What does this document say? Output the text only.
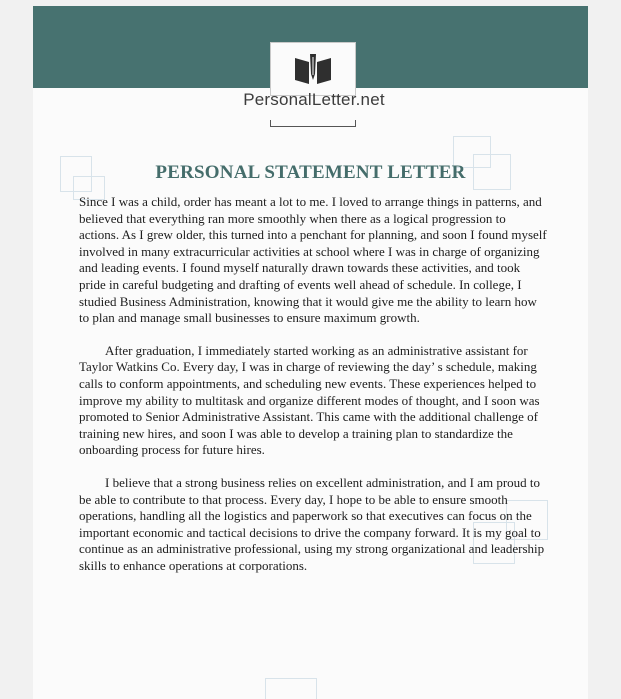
PersonalLetter.net
PERSONAL STATEMENT LETTER

Since I was a child, order has meant a lot to me. I loved to arrange things in patterns, and believed that everything ran more smoothly when there as a logical progression to actions. As I grew older, this turned into a penchant for planning, and soon I found myself involved in many extracurricular activities at school where I was in charge of organizing and leading events. I found myself naturally drawn towards these activities, and took pride in careful budgeting and drafting of events well ahead of schedule. In college, I studied Business Administration, knowing that it would give me the ability to learn how to plan and manage small businesses to ensure maximum growth.

After graduation, I immediately started working as an administrative assistant for Taylor Watkins Co. Every day, I was in charge of reviewing the day’ s schedule, making calls to conform appointments, and scheduling new events. These experiences helped to improve my ability to multitask and organize different modes of thought, and I soon was promoted to Senior Administrative Assistant. This came with the additional challenge of training new hires, and soon I was able to develop a training plan to standardize the onboarding process for future hires.

I believe that a strong business relies on excellent administration, and I am proud to be able to contribute to that process. Every day, I hope to be able to ensure smooth operations, handling all the logistics and paperwork so that executives can focus on the important economic and tactical decisions to drive the company forward. It is my goal to continue as an administrative professional, using my strong organizational and leadership skills to enhance operations at corporations.
